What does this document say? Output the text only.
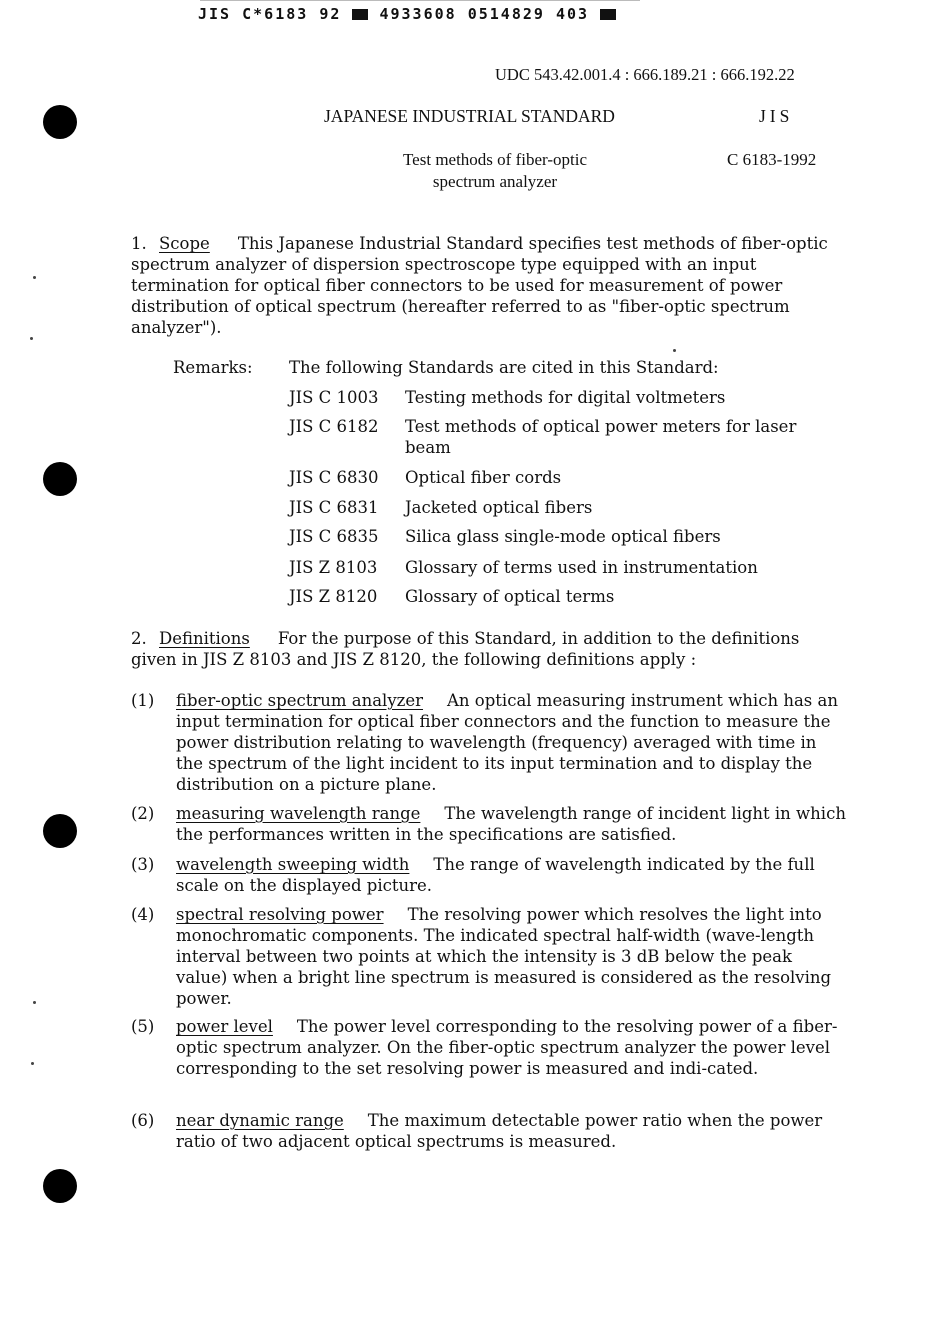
JIS C*6183 92	4933608 0514829 403
UDC 543.42.001.4 : 666.189.21 : 666.192.22
JAPANESE INDUSTRIAL STANDARD	JIS
Test methods of fiber-optic
spectrum analyzer
C 6183-1992

1. Scope This Japanese Industrial Standard specifies test methods of fiber-optic spectrum analyzer of dispersion spectroscope type equipped with an input termination for optical fiber connectors to be used for measurement of power distribution of optical spectrum (hereafter referred to as "fiber-optic spectrum analyzer").

Remarks: The following Standards are cited in this Standard:
JIS C 1003 Testing methods for digital voltmeters
JIS C 6182 Test methods of optical power meters for laser beam
JIS C 6830 Optical fiber cords
JIS C 6831 Jacketed optical fibers
JIS C 6835 Silica glass single-mode optical fibers
JIS Z 8103 Glossary of terms used in instrumentation
JIS Z 8120 Glossary of optical terms

2. Definitions For the purpose of this Standard, in addition to the definitions given in JIS Z 8103 and JIS Z 8120, the following definitions apply :

(1) fiber-optic spectrum analyzer An optical measuring instrument which has an input termination for optical fiber connectors and the function to measure the power distribution relating to wavelength (frequency) averaged with time in the spectrum of the light incident to its input termination and to display the distribution on a picture plane.
(2) measuring wavelength range The wavelength range of incident light in which the performances written in the specifications are satisfied.
(3) wavelength sweeping width The range of wavelength indicated by the full scale on the displayed picture.
(4) spectral resolving power The resolving power which resolves the light into monochromatic components. The indicated spectral half-width (wave-length interval between two points at which the intensity is 3 dB below the peak value) when a bright line spectrum is measured is considered as the resolving power.
(5) power level The power level corresponding to the resolving power of a fiber-optic spectrum analyzer. On the fiber-optic spectrum analyzer the power level corresponding to the set resolving power is measured and indi-cated.
(6) near dynamic range The maximum detectable power ratio when the power ratio of two adjacent optical spectrums is measured.
